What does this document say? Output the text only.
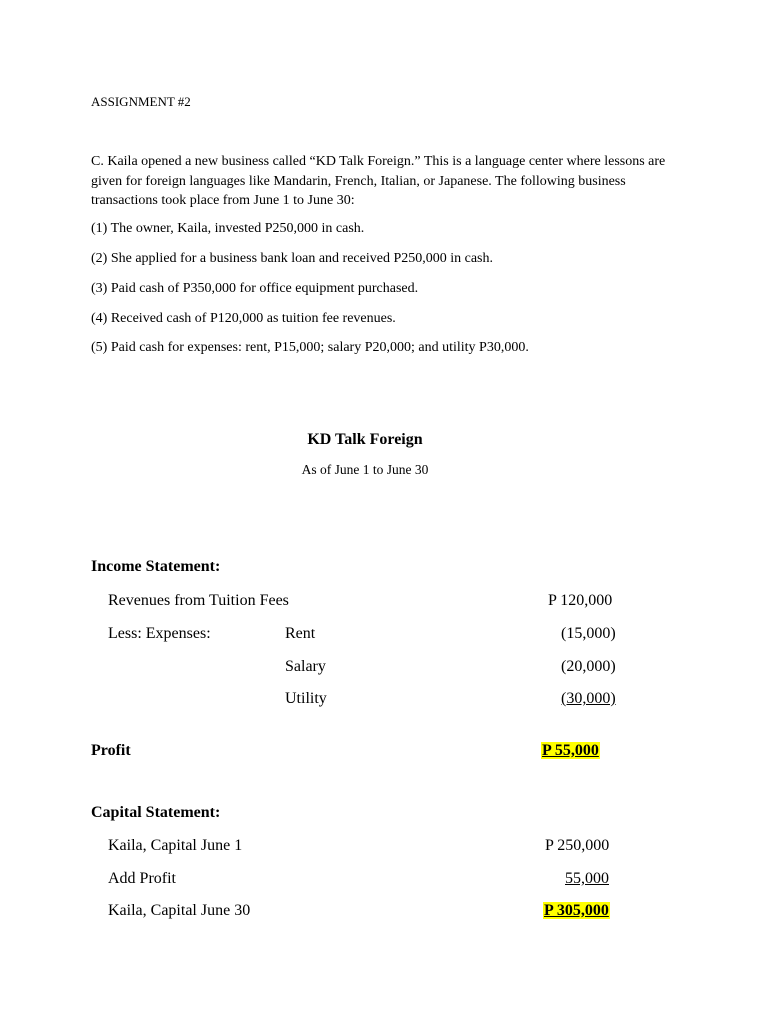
ASSIGNMENT #2
C. Kaila opened a new business called “KD Talk Foreign.” This is a language center where lessons are given for foreign languages like Mandarin, French, Italian, or Japanese. The following business transactions took place from June 1 to June 30:
(1) The owner, Kaila, invested P250,000 in cash.
(2) She applied for a business bank loan and received P250,000 in cash.
(3) Paid cash of P350,000 for office equipment purchased.
(4) Received cash of P120,000 as tuition fee revenues.
(5) Paid cash for expenses: rent, P15,000; salary P20,000; and utility P30,000.
KD Talk Foreign
As of June 1 to June 30
Income Statement:
Revenues from Tuition Fees	P 120,000
Less: Expenses:	Rent	(15,000)
Salary	(20,000)
Utility	(30,000)
Profit	P 55,000
Capital Statement:
Kaila, Capital June 1	P 250,000
Add Profit	55,000
Kaila, Capital June 30	P 305,000
